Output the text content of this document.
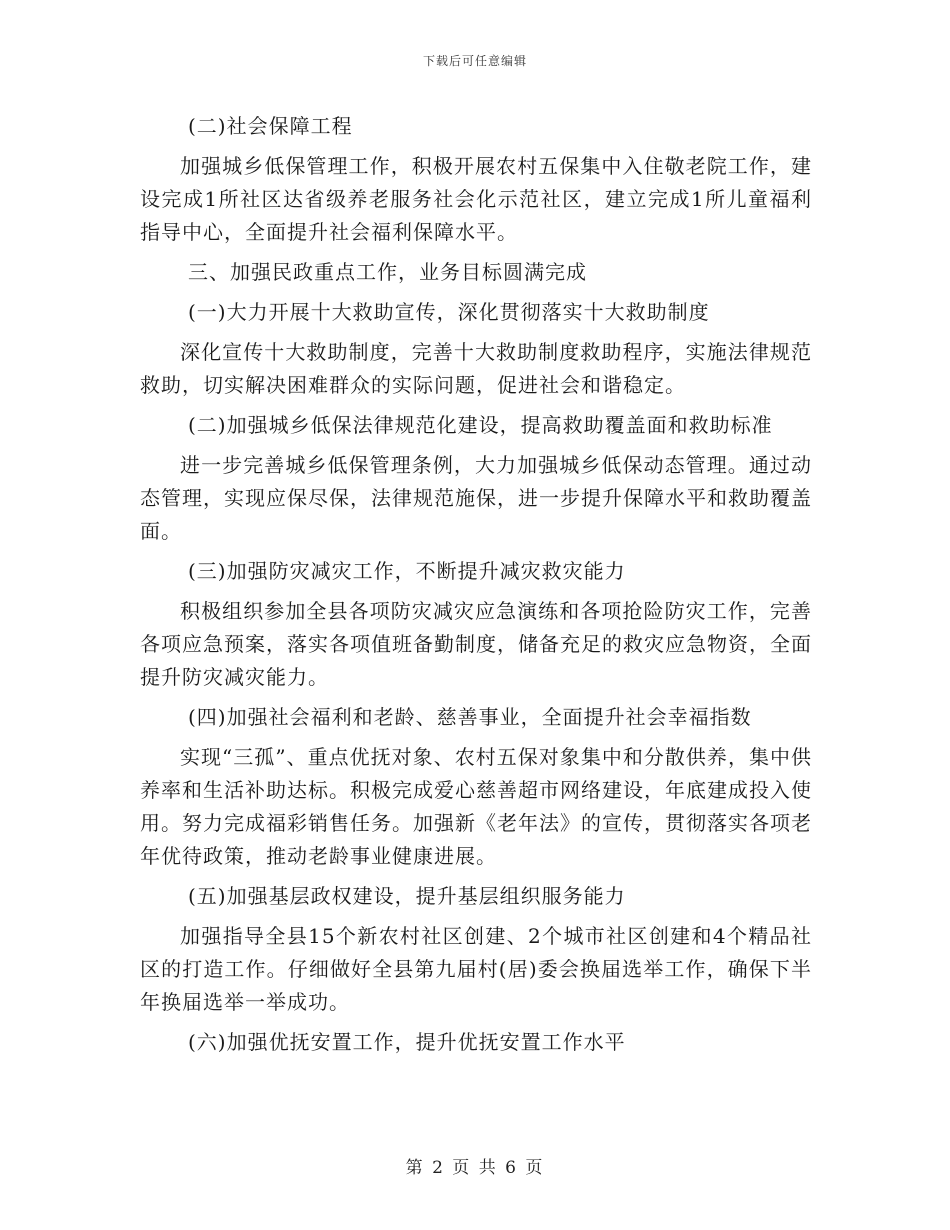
下载后可任意编辑

(二)社会保障工程

加强城乡低保管理工作，积极开展农村五保集中入住敬老院工作，建设完成1所社区达省级养老服务社会化示范社区，建立完成1所儿童福利指导中心，全面提升社会福利保障水平。

三、加强民政重点工作，业务目标圆满完成

(一)大力开展十大救助宣传，深化贯彻落实十大救助制度

深化宣传十大救助制度，完善十大救助制度救助程序，实施法律规范救助，切实解决困难群众的实际问题，促进社会和谐稳定。

(二)加强城乡低保法律规范化建设，提高救助覆盖面和救助标准

进一步完善城乡低保管理条例，大力加强城乡低保动态管理。通过动态管理，实现应保尽保，法律规范施保，进一步提升保障水平和救助覆盖面。

(三)加强防灾减灾工作，不断提升减灾救灾能力

积极组织参加全县各项防灾减灾应急演练和各项抢险防灾工作，完善各项应急预案，落实各项值班备勤制度，储备充足的救灾应急物资，全面提升防灾减灾能力。

(四)加强社会福利和老龄、慈善事业，全面提升社会幸福指数

实现“三孤”、重点优抚对象、农村五保对象集中和分散供养，集中供养率和生活补助达标。积极完成爱心慈善超市网络建设，年底建成投入使用。努力完成福彩销售任务。加强新《老年法》的宣传，贯彻落实各项老年优待政策，推动老龄事业健康进展。

(五)加强基层政权建设，提升基层组织服务能力

加强指导全县15个新农村社区创建、2个城市社区创建和4个精品社区的打造工作。仔细做好全县第九届村(居)委会换届选举工作，确保下半年换届选举一举成功。

(六)加强优抚安置工作，提升优抚安置工作水平

第 2 页 共 6 页
